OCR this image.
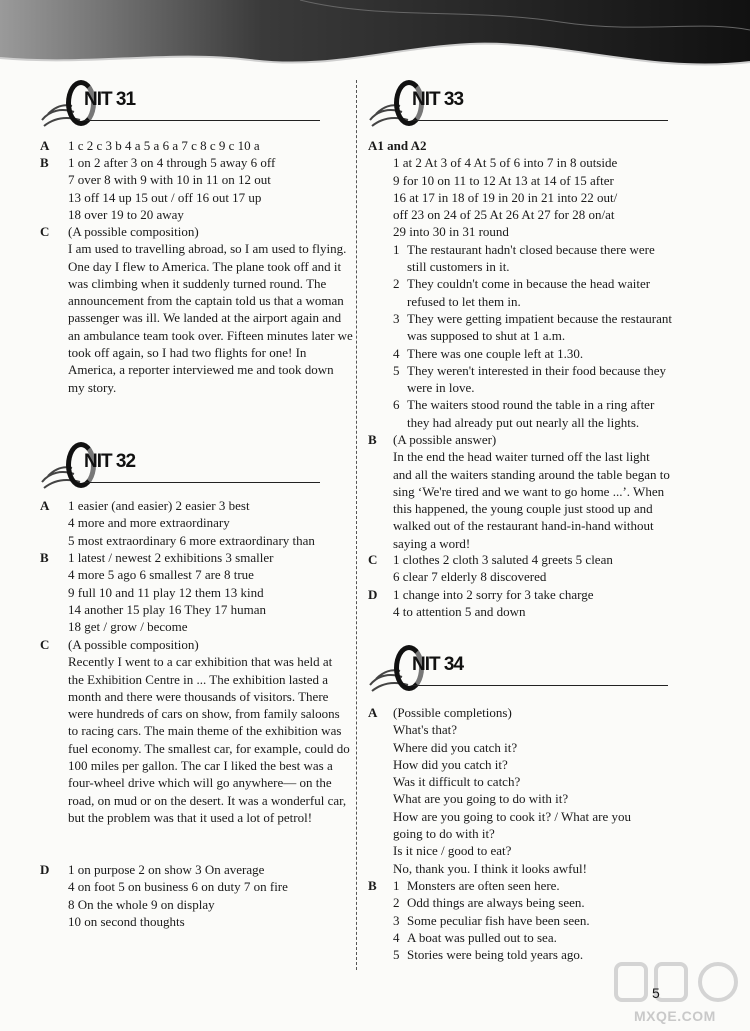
NIT 31
A 1 c 2 c 3 b 4 a 5 a 6 a 7 c 8 c 9 c 10 a
B 1 on 2 after 3 on 4 through 5 away 6 off
7 over 8 with 9 with 10 in 11 on 12 out
13 off 14 up 15 out / off 16 out 17 up
18 over 19 to 20 away
C (A possible composition)
I am used to travelling abroad, so I am used to flying. One day I flew to America. The plane took off and it was climbing when it suddenly turned round. The announcement from the captain told us that a woman passenger was ill. We landed at the airport again and an ambulance team took over. Fifteen minutes later we took off again, so I had two flights for one! In America, a reporter interviewed me and took down my story.
NIT 32
A 1 easier (and easier) 2 easier 3 best
4 more and more extraordinary
5 most extraordinary 6 more extraordinary than
B 1 latest / newest 2 exhibitions 3 smaller
4 more 5 ago 6 smallest 7 are 8 true
9 full 10 and 11 play 12 them 13 kind
14 another 15 play 16 They 17 human
18 get / grow / become
C (A possible composition)
Recently I went to a car exhibition that was held at the Exhibition Centre in ... The exhibition lasted a month and there were thousands of visitors. There were hundreds of cars on show, from family saloons to racing cars. The main theme of the exhibition was fuel economy. The smallest car, for example, could do 100 miles per gallon. The car I liked the best was a four-wheel drive which will go anywhere— on the road, on mud or on the desert. It was a wonderful car, but the problem was that it used a lot of petrol!
D 1 on purpose 2 on show 3 On average
4 on foot 5 on business 6 on duty 7 on fire
8 On the whole 9 on display
10 on second thoughts
NIT 33
A1 and A2
1 at 2 At 3 of 4 At 5 of 6 into 7 in 8 outside
9 for 10 on 11 to 12 At 13 at 14 of 15 after
16 at 17 in 18 of 19 in 20 in 21 into 22 out/
off 23 on 24 of 25 At 26 At 27 for 28 on/at
29 into 30 in 31 round
1 The restaurant hadn't closed because there were still customers in it.
2 They couldn't come in because the head waiter refused to let them in.
3 They were getting impatient because the restaurant was supposed to shut at 1 a.m.
4 There was one couple left at 1.30.
5 They weren't interested in their food because they were in love.
6 The waiters stood round the table in a ring after they had already put out nearly all the lights.
B (A possible answer)
In the end the head waiter turned off the last light and all the waiters standing around the table began to sing ‘We're tired and we want to go home ...’. When this happened, the young couple just stood up and walked out of the restaurant hand-in-hand without saying a word!
C 1 clothes 2 cloth 3 saluted 4 greets 5 clean
6 clear 7 elderly 8 discovered
D 1 change into 2 sorry for 3 take charge
4 to attention 5 and down
NIT 34
A (Possible completions)
What's that?
Where did you catch it?
How did you catch it?
Was it difficult to catch?
What are you going to do with it?
How are you going to cook it? / What are you
going to do with it?
Is it nice / good to eat?
No, thank you. I think it looks awful!
B 1 Monsters are often seen here.
2 Odd things are always being seen.
3 Some peculiar fish have been seen.
4 A boat was pulled out to sea.
5 Stories were being told years ago.
5
MXQE.COM
